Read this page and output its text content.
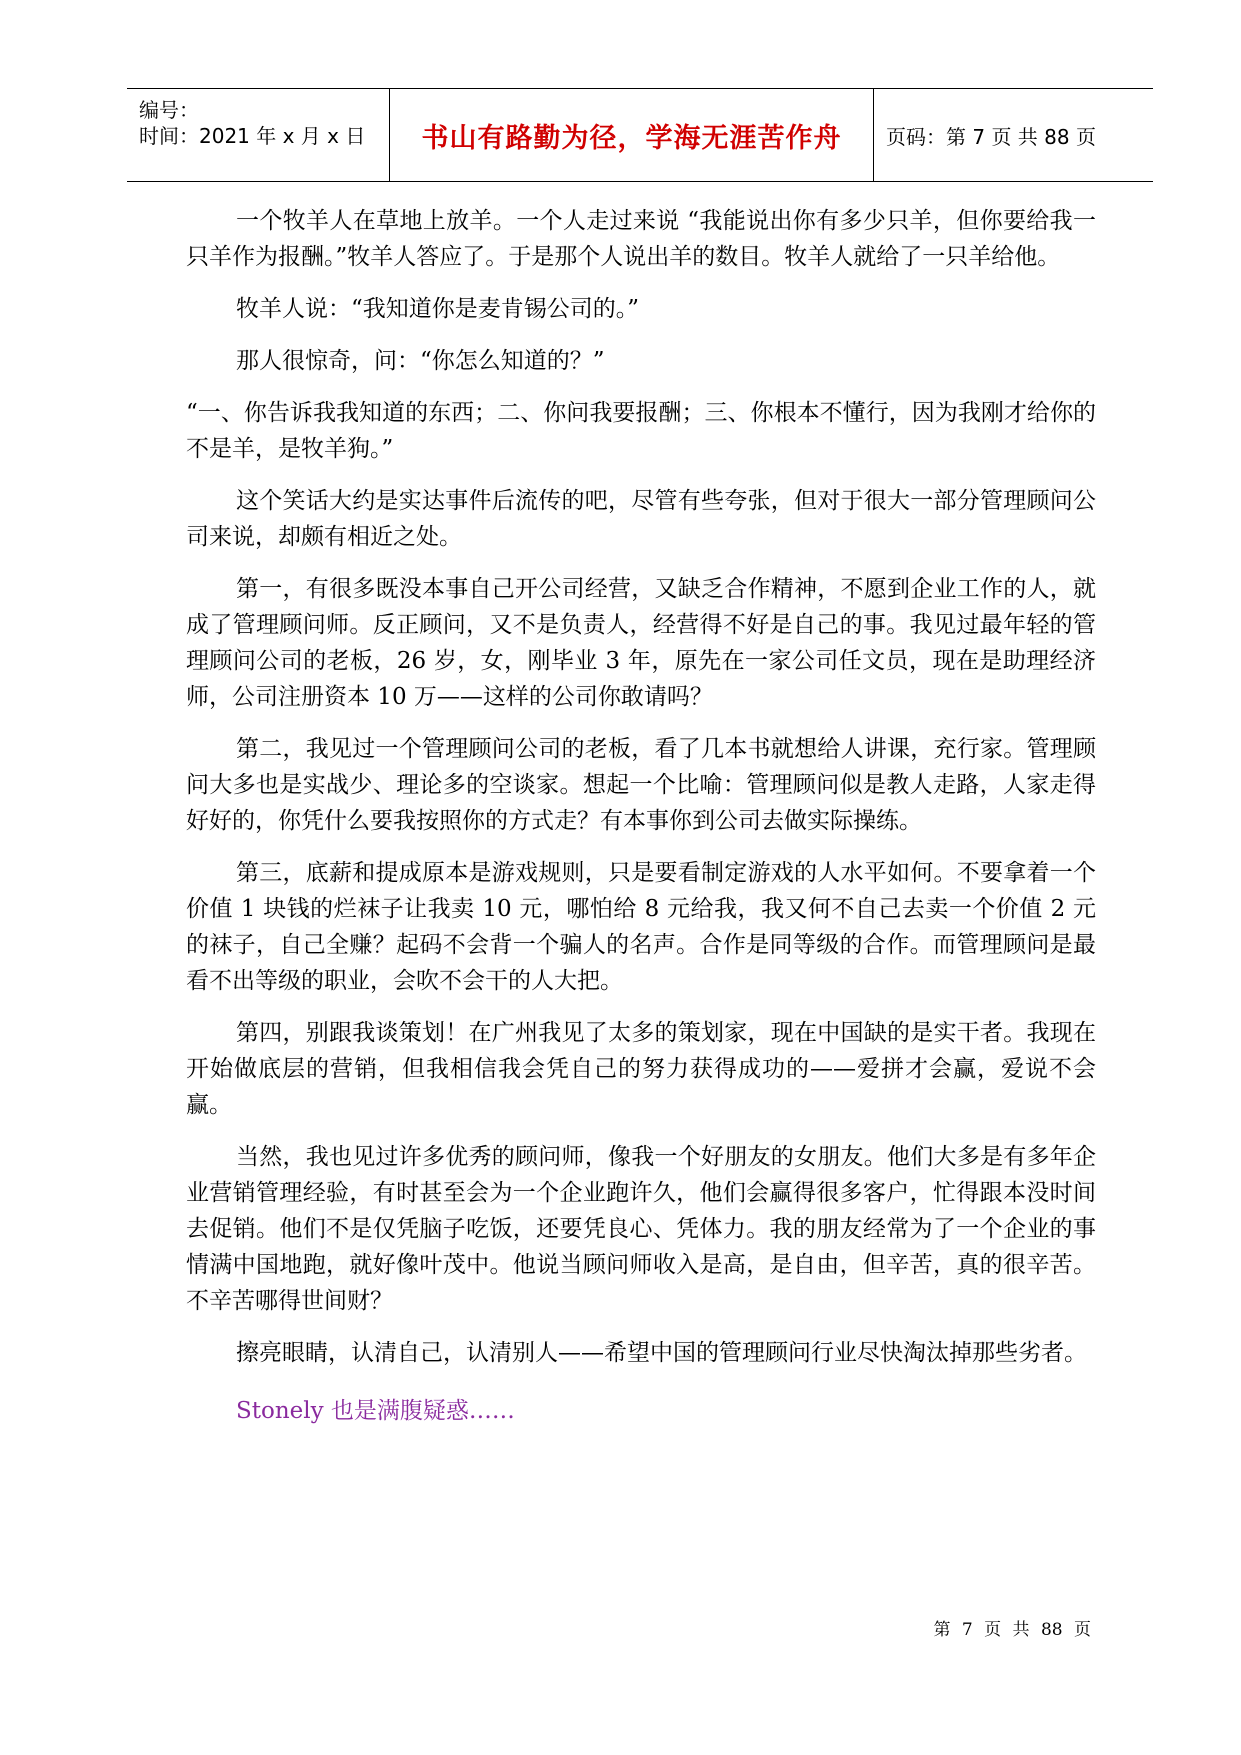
编号：
时间：2021 年 x 月 x 日 书山有路勤为径，学海无涯苦作舟 页码：第 7 页 共 88 页

一个牧羊人在草地上放羊。一个人走过来说 “我能说出你有多少只羊，但你要给我一只羊作为报酬。”牧羊人答应了。于是那个人说出羊的数目。牧羊人就给了一只羊给他。

牧羊人说：“我知道你是麦肯锡公司的。”

那人很惊奇，问：“你怎么知道的？”

“一、你告诉我我知道的东西；二、你问我要报酬；三、你根本不懂行，因为我刚才给你的不是羊，是牧羊狗。”

这个笑话大约是实达事件后流传的吧，尽管有些夸张，但对于很大一部分管理顾问公司来说，却颇有相近之处。

第一，有很多既没本事自己开公司经营，又缺乏合作精神，不愿到企业工作的人，就成了管理顾问师。反正顾问，又不是负责人，经营得不好是自己的事。我见过最年轻的管理顾问公司的老板，26 岁，女，刚毕业 3 年，原先在一家公司任文员，现在是助理经济师，公司注册资本 10 万——这样的公司你敢请吗？

第二，我见过一个管理顾问公司的老板，看了几本书就想给人讲课，充行家。管理顾问大多也是实战少、理论多的空谈家。想起一个比喻：管理顾问似是教人走路，人家走得好好的，你凭什么要我按照你的方式走？有本事你到公司去做实际操练。

第三，底薪和提成原本是游戏规则，只是要看制定游戏的人水平如何。不要拿着一个价值 1 块钱的烂袜子让我卖 10 元，哪怕给 8 元给我，我又何不自己去卖一个价值 2 元的袜子，自己全赚？起码不会背一个骗人的名声。合作是同等级的合作。而管理顾问是最看不出等级的职业，会吹不会干的人大把。

第四，别跟我谈策划！在广州我见了太多的策划家，现在中国缺的是实干者。我现在开始做底层的营销，但我相信我会凭自己的努力获得成功的——爱拼才会赢，爱说不会赢。

当然，我也见过许多优秀的顾问师，像我一个好朋友的女朋友。他们大多是有多年企业营销管理经验，有时甚至会为一个企业跑许久，他们会赢得很多客户，忙得跟本没时间去促销。他们不是仅凭脑子吃饭，还要凭良心、凭体力。我的朋友经常为了一个企业的事情满中国地跑，就好像叶茂中。他说当顾问师收入是高，是自由，但辛苦，真的很辛苦。不辛苦哪得世间财？

擦亮眼睛，认清自己，认清别人——希望中国的管理顾问行业尽快淘汰掉那些劣者。

Stonely 也是满腹疑惑……

第 7 页 共 88 页
